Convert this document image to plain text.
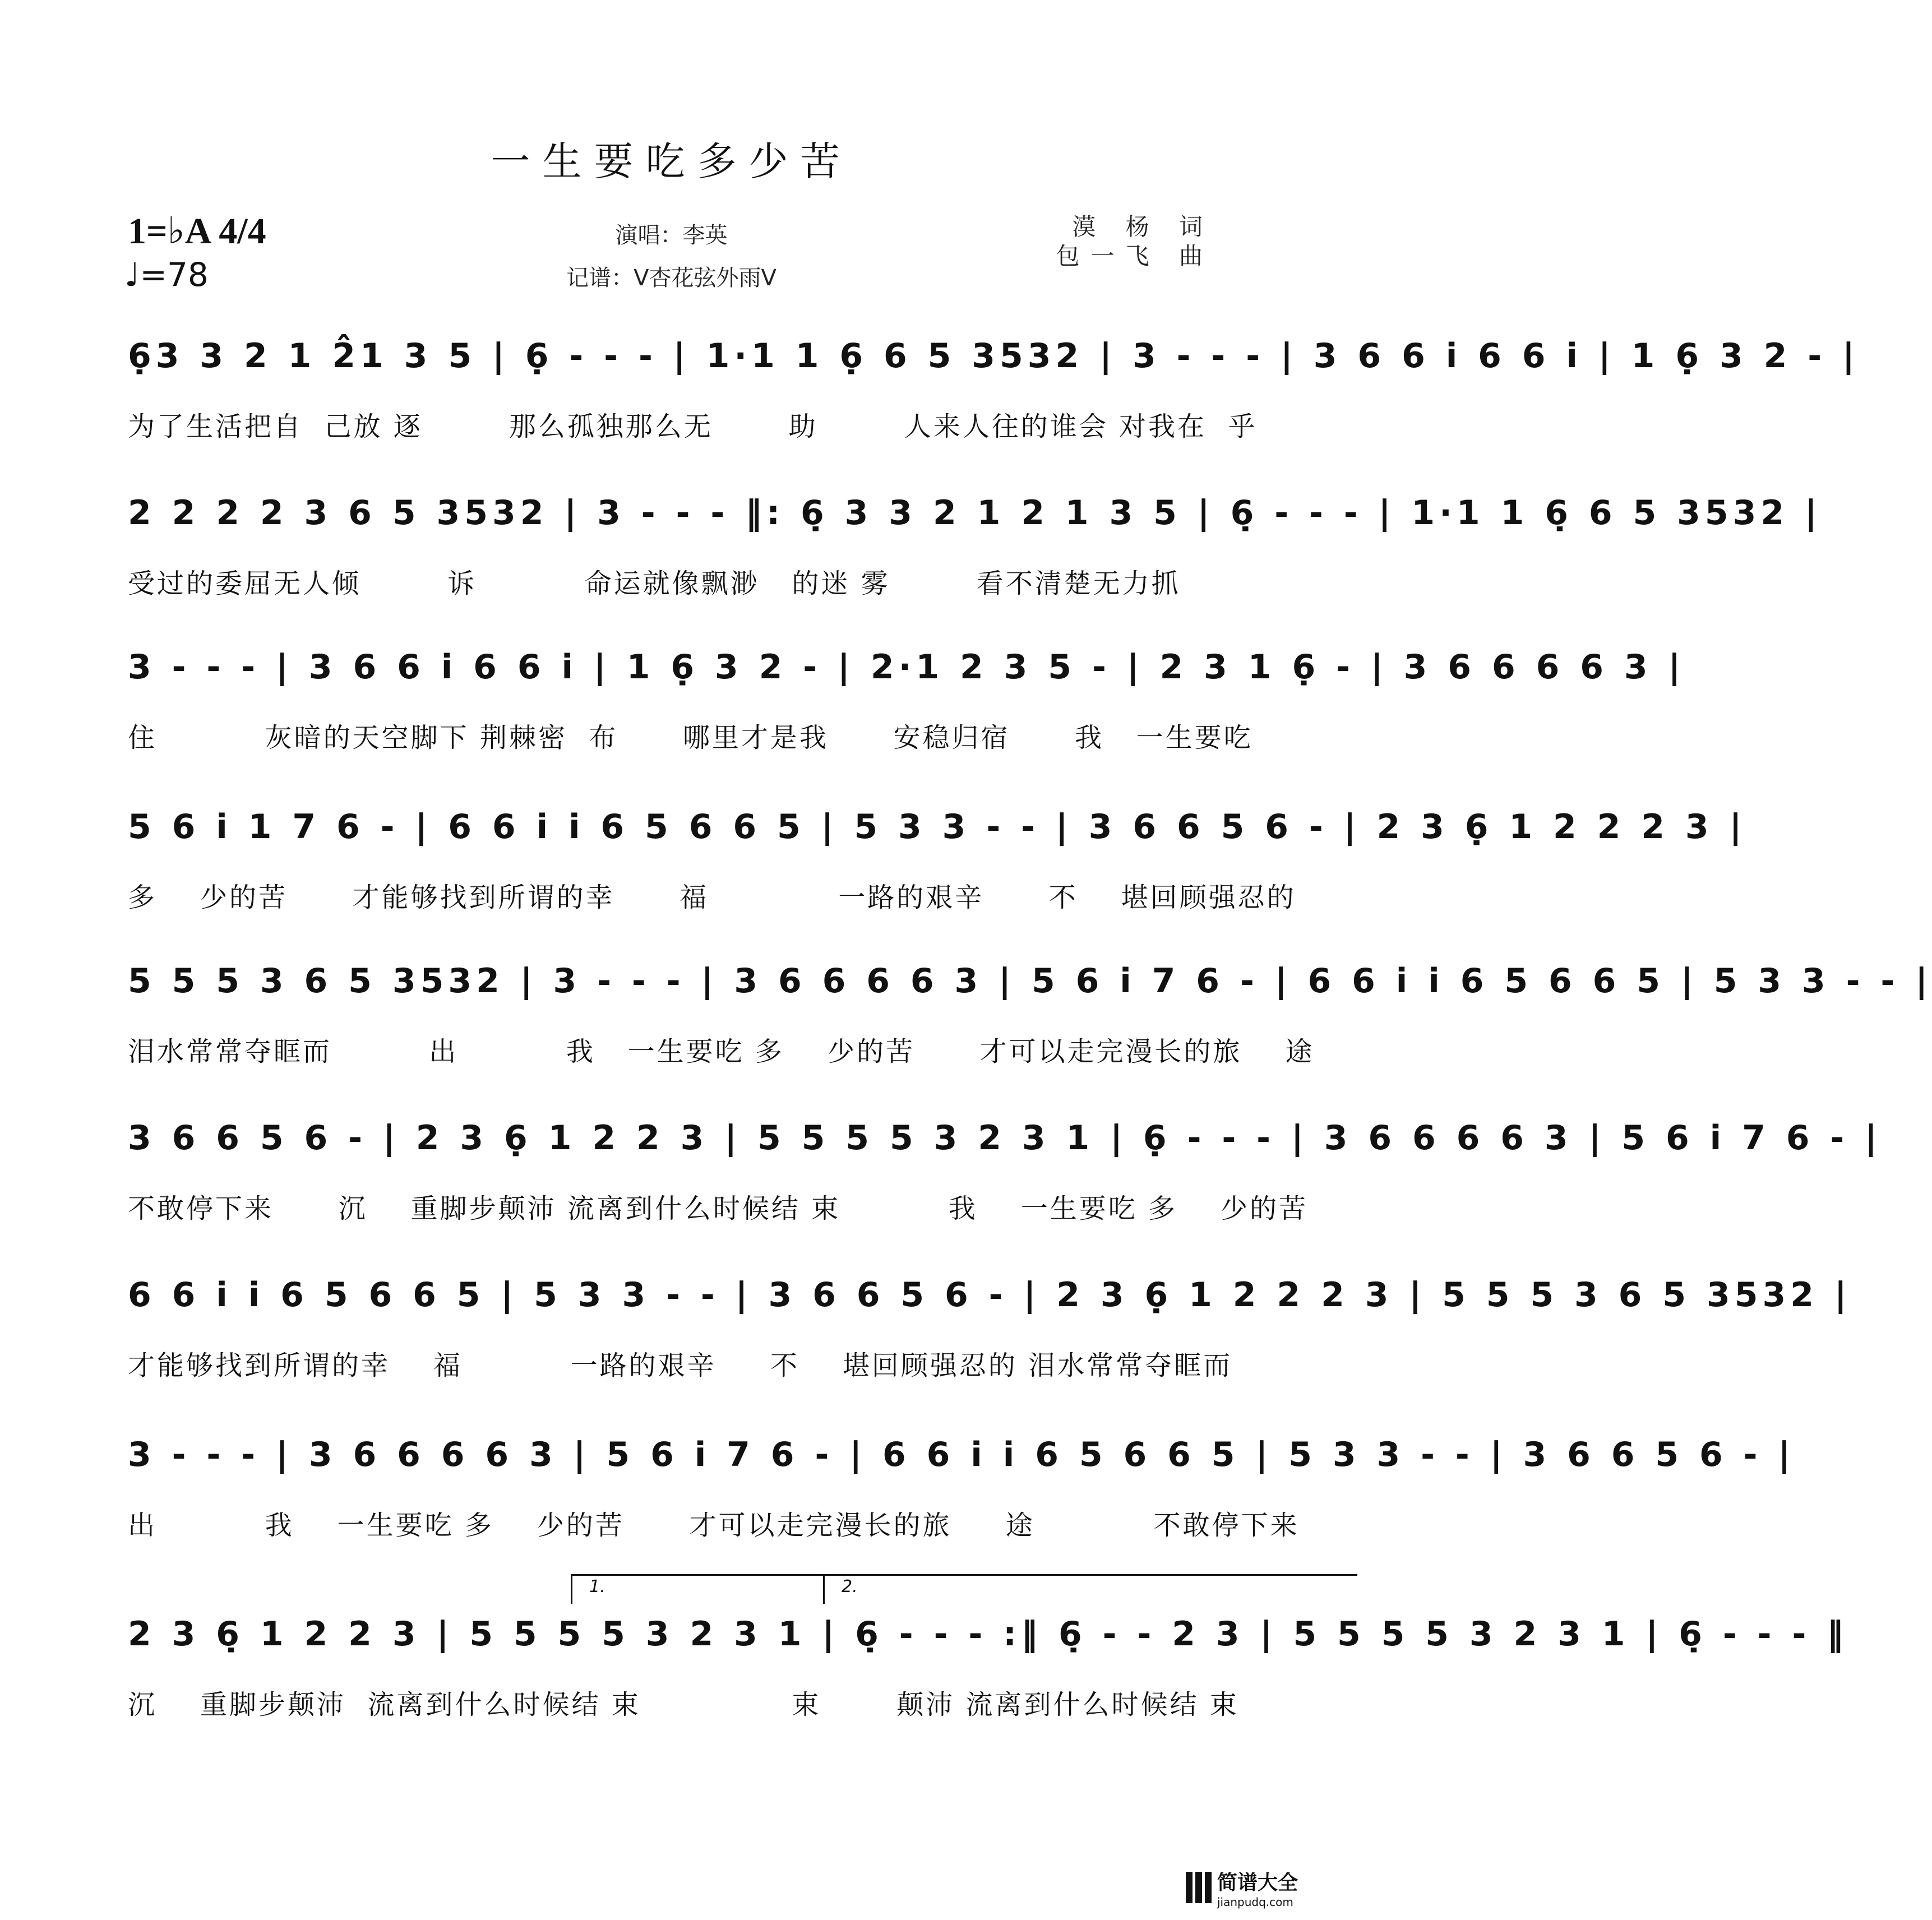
一生要吃多少苦
1=♭A 4/4
♩=78
演唱：李英
记谱：V杏花弦外雨V
漠 杨 词
包一飞 曲
6̣3 3 2 1 2̂1 3 5 | 6̣ - - - | 1·1 1 6̣ 6 5 3532 | 3 - - - | 3 6 6 i 6 6 i | 1 6̣ 3 2 - |
为了生活把自  己放 逐        那么孤独那么无       助        人来人往的谁会 对我在  乎
2 2 2 2 3 6 5 3532 | 3 - - - ‖: 6̣ 3 3 2 1 2 1 3 5 | 6̣ - - - | 1·1 1 6̣ 6 5 3532 |
受过的委屈无人倾        诉          命运就像飘渺   的迷 雾        看不清楚无力抓
3 - - - | 3 6 6 i 6 6 i | 1 6̣ 3 2 - | 2·1 2 3 5 - | 2 3 1 6̣ - | 3 6 6 6 6 3 |
住          灰暗的天空脚下 荆棘密  布      哪里才是我      安稳归宿      我   一生要吃
5 6 i 1 7 6 - | 6 6 i i 6 5 6 6 5 | 5 3 3 - - | 3 6 6 5 6 - | 2 3 6̣ 1 2 2 2 3 |
多    少的苦      才能够找到所谓的幸      福            一路的艰辛      不    堪回顾强忍的
5 5 5 3 6 5 3532 | 3 - - - | 3 6 6 6 6 3 | 5 6 i 7 6 - | 6 6 i i 6 5 6 6 5 | 5 3 3 - - |
泪水常常夺眶而         出          我   一生要吃 多    少的苦      才可以走完漫长的旅    途
3 6 6 5 6 - | 2 3 6̣ 1 2 2 3 | 5 5 5 5 3 2 3 1 | 6̣ - - - | 3 6 6 6 6 3 | 5 6 i 7 6 - |
不敢停下来      沉    重脚步颠沛 流离到什么时候结 束          我    一生要吃 多    少的苦
6 6 i i 6 5 6 6 5 | 5 3 3 - - | 3 6 6 5 6 - | 2 3 6̣ 1 2 2 2 3 | 5 5 5 3 6 5 3532 |
才能够找到所谓的幸    福          一路的艰辛     不    堪回顾强忍的 泪水常常夺眶而
3 - - - | 3 6 6 6 6 3 | 5 6 i 7 6 - | 6 6 i i 6 5 6 6 5 | 5 3 3 - - | 3 6 6 5 6 - |
出          我    一生要吃 多    少的苦      才可以走完漫长的旅     途           不敢停下来
1.	2.
2 3 6̣ 1 2 2 3 | 5 5 5 5 3 2 3 1 | 6̣ - - - :‖ 6̣ - - 2 3 | 5 5 5 5 3 2 3 1 | 6̣ - - - ‖
沉    重脚步颠沛  流离到什么时候结 束              束       颠沛 流离到什么时候结 束
简谱大全
jianpudq.com
